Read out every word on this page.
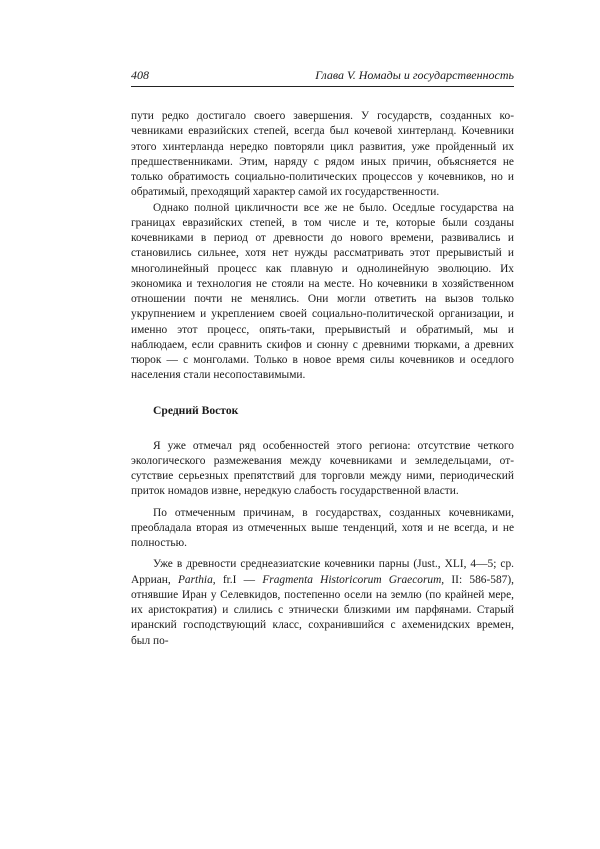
408	Глава V. Номады и государственность

пути редко достигало своего завершения. У государств, созданных кочевниками евразийских степей, всегда был кочевой хинтерланд. Кочевники этого хинтерланда нередко повторяли цикл развития, уже пройденный их предшественниками. Этим, наряду с рядом иных причин, объясняется не только обратимость социально-политических процессов у кочевников, но и обратимый, преходящий характер самой их государственности.

Однако полной цикличности все же не было. Оседлые государства на границах евразийских степей, в том числе и те, которые были созданы кочевниками в период от древности до нового времени, развивались и становились сильнее, хотя нет нужды рассматривать этот прерывистый и многолинейный процесс как плавную и однолинейную эволюцию. Их экономика и технология не стояли на месте. Но кочевники в хозяйственном отношении почти не менялись. Они могли ответить на вызов только укрупнением и укреплением своей социально-политической организации, и именно этот процесс, опять-таки, прерывистый и обратимый, мы и наблюдаем, если сравнить скифов и сюнну с древними тюрками, а древних тюрок — с монголами. Только в новое время силы кочевников и оседлого населения стали несопоставимыми.

Средний Восток

Я уже отмечал ряд особенностей этого региона: отсутствие четкого экологического размежевания между кочевниками и земледельцами, отсутствие серьезных препятствий для торговли между ними, периодический приток номадов извне, нередкую слабость государственной власти.

По отмеченным причинам, в государствах, созданных кочевниками, преобладала вторая из отмеченных выше тенденций, хотя и не всегда, и не полностью.

Уже в древности среднеазиатские кочевники парны (Just., XLI, 4—5; ср. Арриан, Parthia, fr.I — Fragmenta Historicorum Graecorum, II: 586-587), отнявшие Иран у Селевкидов, постепенно осели на землю (по крайней мере, их аристократия) и слились с этнически близкими им парфянами. Старый иранский господствующий класс, сохранившийся с ахеменидских времен, был по-
